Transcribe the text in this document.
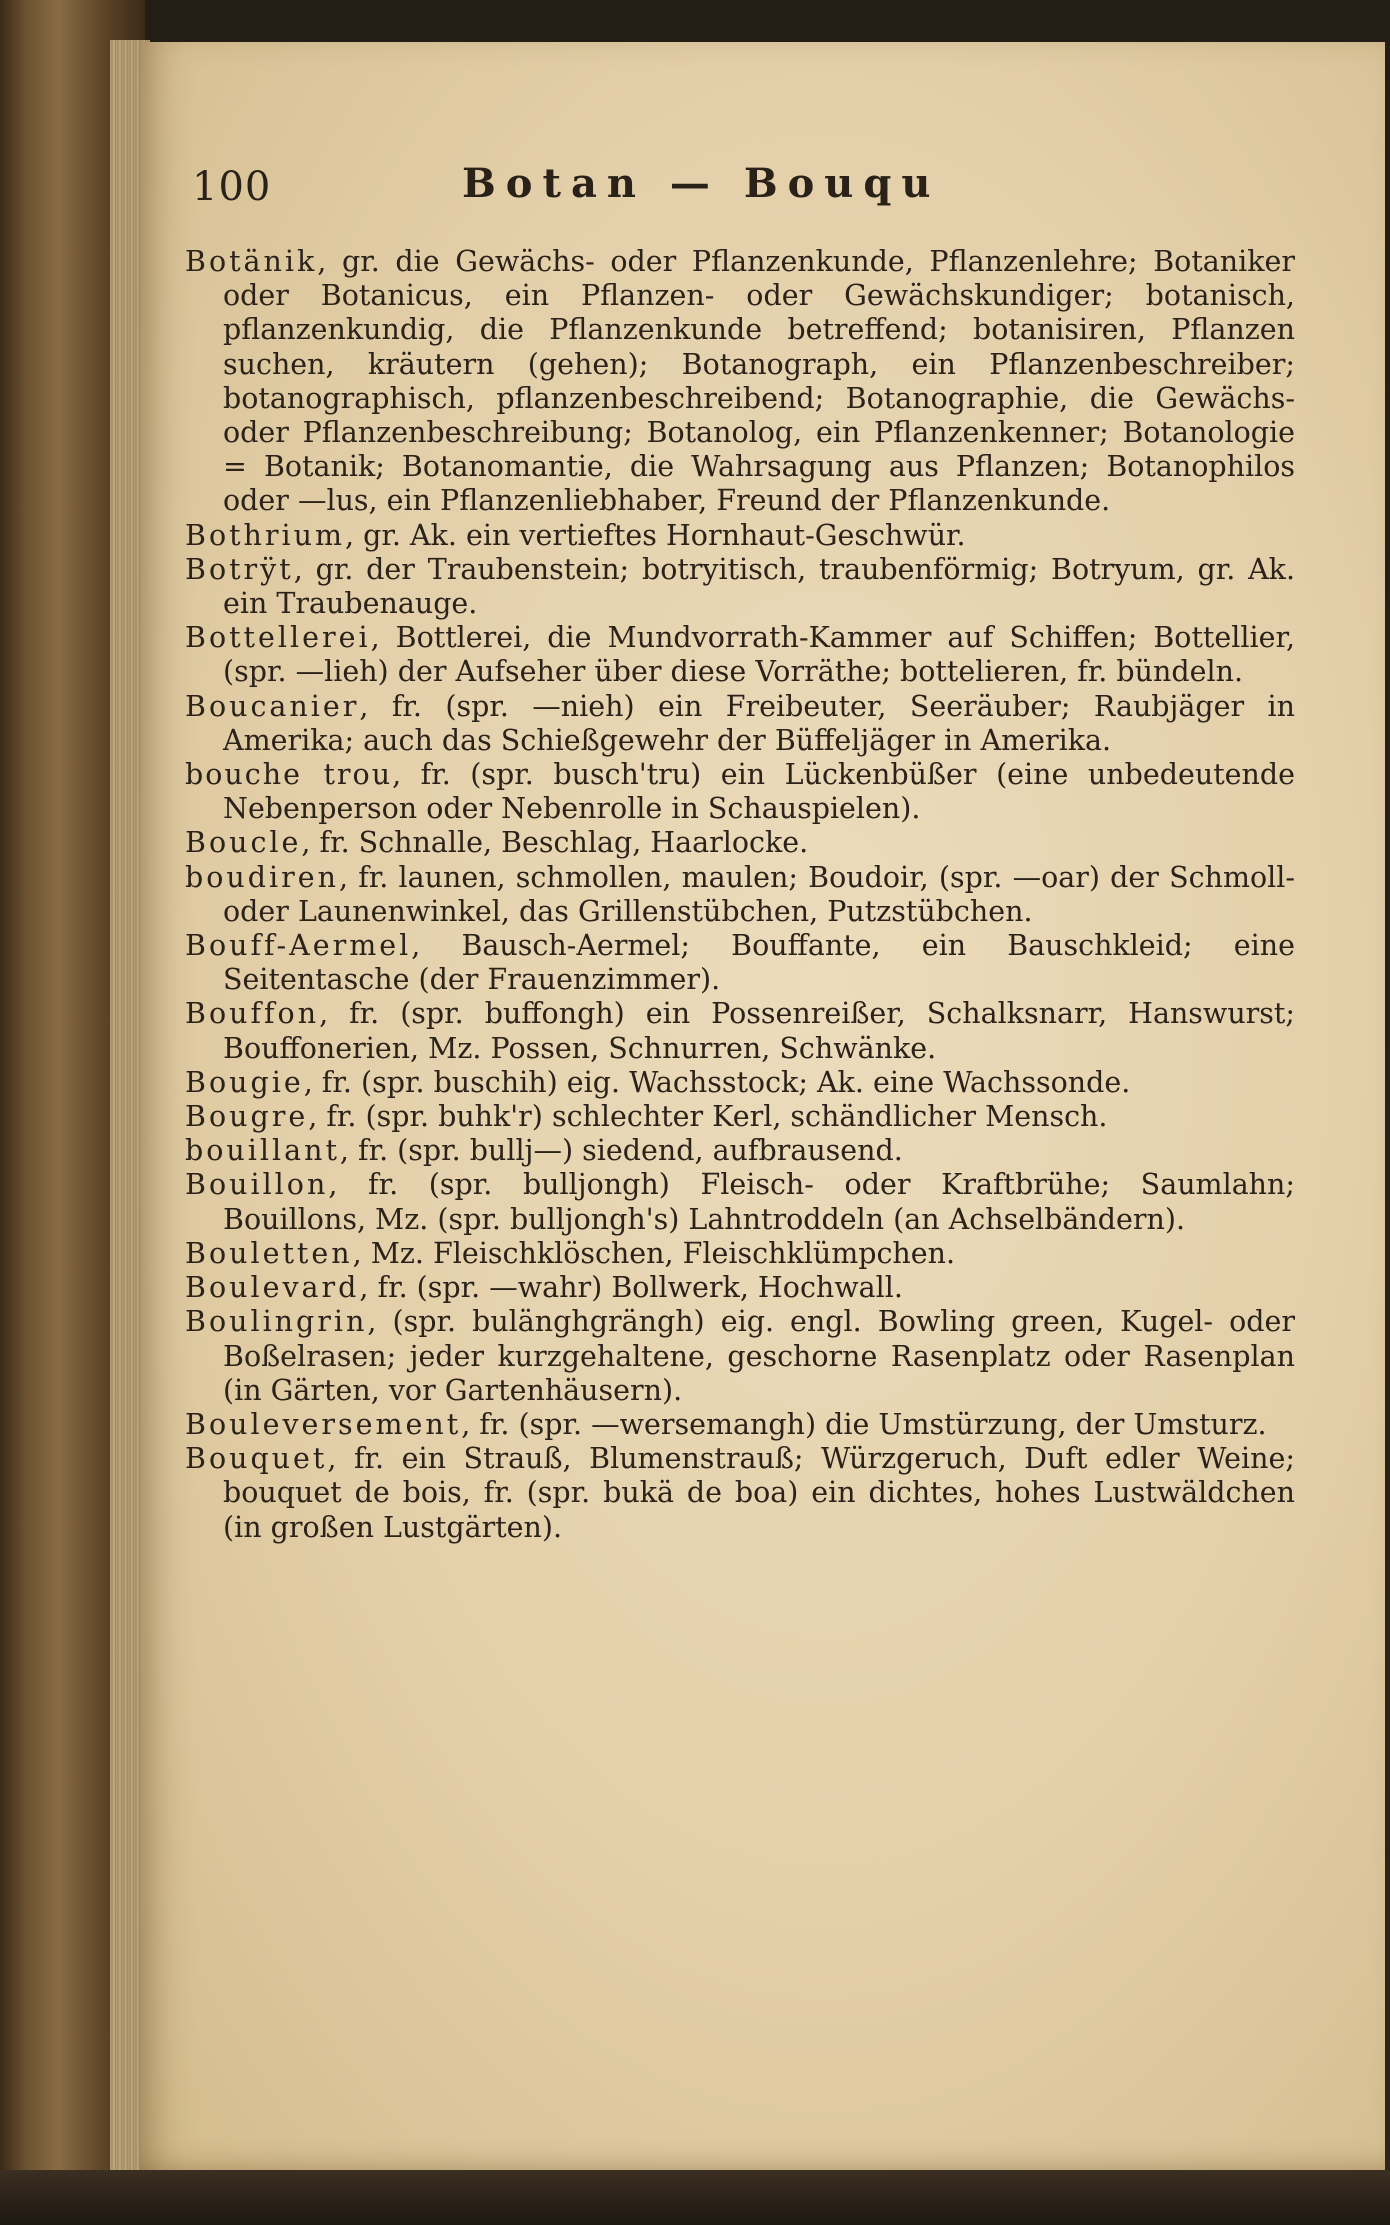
100	Botan — Bouqu

Botänik, gr. die Gewächs- oder Pflanzenkunde, Pflanzenlehre; Botaniker oder Botanicus, ein Pflanzen- oder Gewächskundiger; botanisch, pflanzenkundig, die Pflanzenkunde betreffend; botanisiren, Pflanzen suchen, kräutern (gehen); Botanograph, ein Pflanzenbeschreiber; botanographisch, pflanzenbeschreibend; Botanographie, die Gewächs- oder Pflanzenbeschreibung; Botanolog, ein Pflanzenkenner; Botanologie = Botanik; Botanomantie, die Wahrsagung aus Pflanzen; Botanophilos oder —lus, ein Pflanzenliebhaber, Freund der Pflanzenkunde.

Bothrium, gr. Ak. ein vertieftes Hornhaut-Geschwür.

Botrÿt, gr. der Traubenstein; botryitisch, traubenförmig; Botryum, gr. Ak. ein Traubenauge.

Bottellerei, Bottlerei, die Mundvorrath-Kammer auf Schiffen; Bottellier, (spr. —lieh) der Aufseher über diese Vorräthe; bottelieren, fr. bündeln.

Boucanier, fr. (spr. —nieh) ein Freibeuter, Seeräuber; Raubjäger in Amerika; auch das Schießgewehr der Büffeljäger in Amerika.

bouche trou, fr. (spr. busch'tru) ein Lückenbüßer (eine unbedeutende Nebenperson oder Nebenrolle in Schauspielen).

Boucle, fr. Schnalle, Beschlag, Haarlocke.

boudiren, fr. launen, schmollen, maulen; Boudoir, (spr. —oar) der Schmoll- oder Launenwinkel, das Grillenstübchen, Putzstübchen.

Bouff-Aermel, Bausch-Aermel; Bouffante, ein Bauschkleid; eine Seitentasche (der Frauenzimmer).

Bouffon, fr. (spr. buffongh) ein Possenreißer, Schalksnarr, Hanswurst; Bouffonerien, Mz. Possen, Schnurren, Schwänke.

Bougie, fr. (spr. buschih) eig. Wachsstock; Ak. eine Wachssonde.

Bougre, fr. (spr. buhk'r) schlechter Kerl, schändlicher Mensch.

bouillant, fr. (spr. bullj—) siedend, aufbrausend.

Bouillon, fr. (spr. bulljongh) Fleisch- oder Kraftbrühe; Saumlahn; Bouillons, Mz. (spr. bulljongh's) Lahntroddeln (an Achselbändern).

Bouletten, Mz. Fleischklöschen, Fleischklümpchen.

Boulevard, fr. (spr. —wahr) Bollwerk, Hochwall.

Boulingrin, (spr. bulänghgrängh) eig. engl. Bowling green, Kugel- oder Boßelrasen; jeder kurzgehaltene, geschorne Rasenplatz oder Rasenplan (in Gärten, vor Gartenhäusern).

Bouleversement, fr. (spr. —wersemangh) die Umstürzung, der Umsturz.

Bouquet, fr. ein Strauß, Blumenstrauß; Würzgeruch, Duft edler Weine; bouquet de bois, fr. (spr. bukä de boa) ein dichtes, hohes Lustwäldchen (in großen Lustgärten).
